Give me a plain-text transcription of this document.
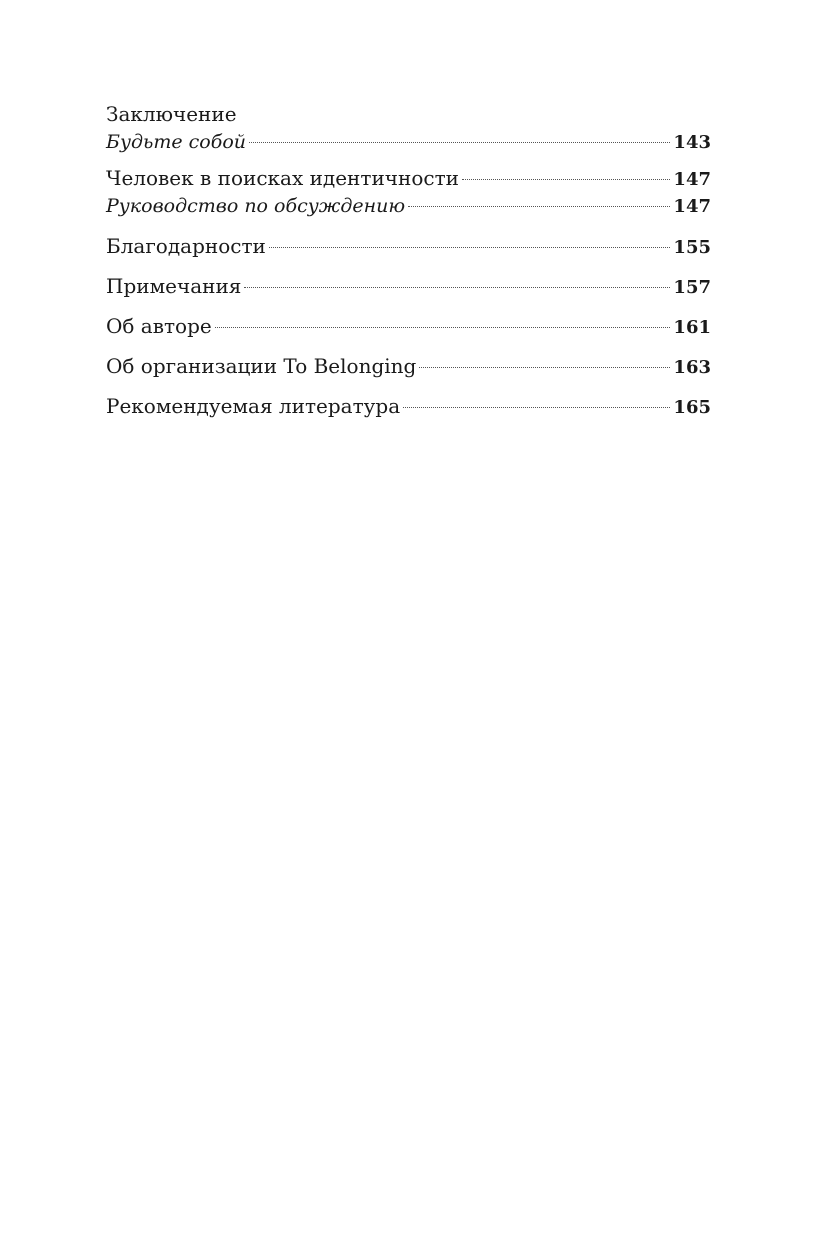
Заключение
Будьте собой	143
Человек в поисках идентичности	147
Руководство по обсуждению	147
Благодарности	155
Примечания	157
Об авторе	161
Об организации To Belonging	163
Рекомендуемая литература	165
